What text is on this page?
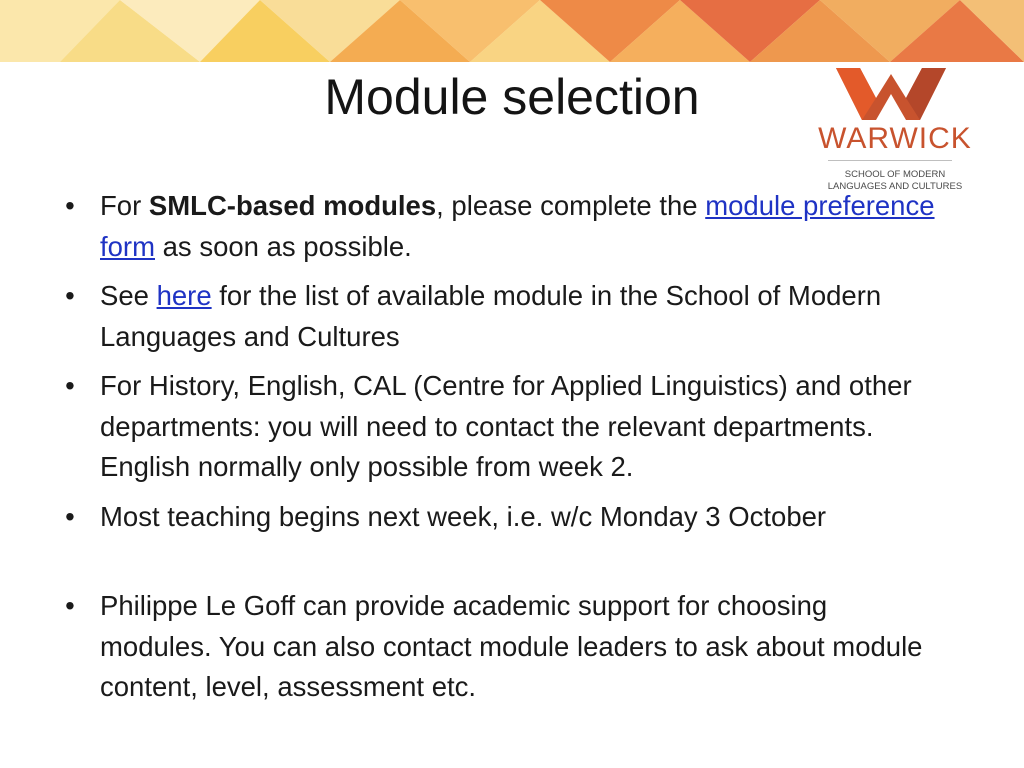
Module selection
WARWICK
SCHOOL OF MODERN
LANGUAGES AND CULTURES
• For SMLC-based modules, please complete the module preference form as soon as possible.
• See here for the list of available module in the School of Modern Languages and Cultures
• For History, English, CAL (Centre for Applied Linguistics) and other departments: you will need to contact the relevant departments. English normally only possible from week 2.
• Most teaching begins next week, i.e. w/c Monday 3 October
• Philippe Le Goff can provide academic support for choosing modules. You can also contact module leaders to ask about module content, level, assessment etc.
